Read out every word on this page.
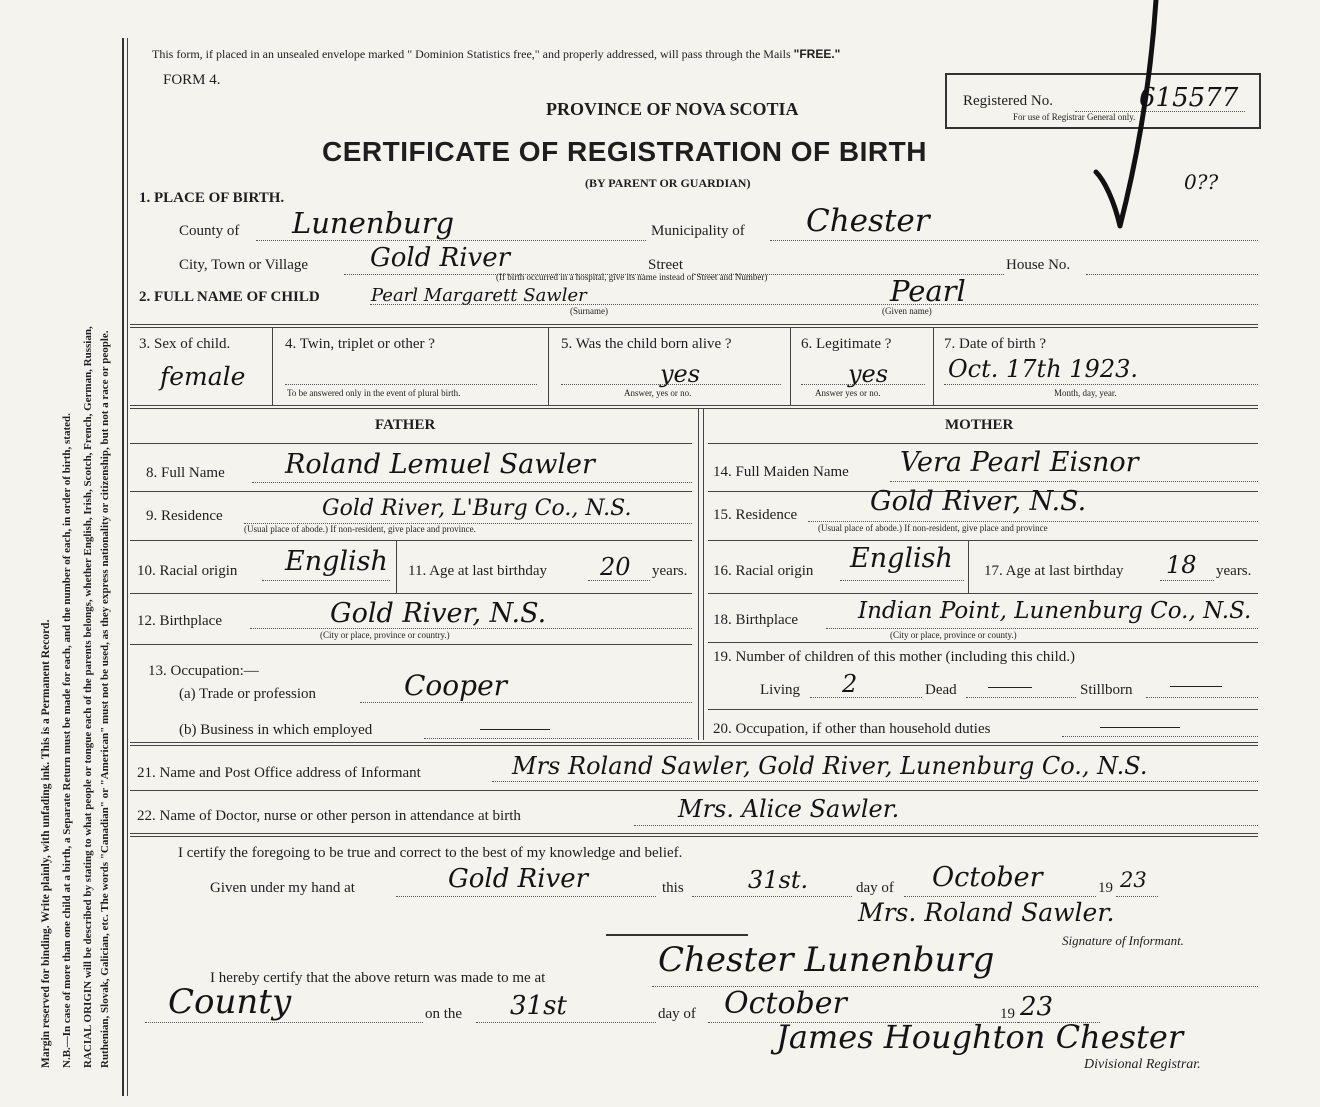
Margin reserved for binding. Write plainly, with unfading ink. This is a Permanent Record. N.B.—In case of more than one child at a birth, a Separate Return must be made for each, and the number of each, in order of birth, stated. RACIAL ORIGIN will be described by stating to what people or tongue each of the parents belongs, whether English, Irish, Scotch, French, German, Russian, Ruthenian, Slovak, Galician, etc. The words "Canadian" or "American" must not be used, as they express nationality or citizenship, but not a race or people.
This form, if placed in an unsealed envelope marked " Dominion Statistics free," and properly addressed, will pass through the Mails "FREE."
FORM 4.
PROVINCE OF NOVA SCOTIA
CERTIFICATE OF REGISTRATION OF BIRTH
(BY PARENT OR GUARDIAN)
Registered No.	615577
For use of Registrar General only.
0??
1. PLACE OF BIRTH.
County of Lunenburg	Municipality of Chester
City, Town or Village Gold River	Street	House No.
(If birth occurred in a hospital, give its name instead of Street and Number)
2. FULL NAME OF CHILD	Pearl Margarett Sawler
(Surname)
Pearl
(Given name)
3. Sex of child.
female
4. Twin, triplet or other ?
To be answered only in the event of plural birth.
5. Was the child born alive ?
yes
Answer, yes or no.
6. Legitimate ?
yes
Answer yes or no.
7. Date of birth ?
Oct. 17th 1923.
Month, day, year.
FATHER	MOTHER
8. Full Name Roland Lemuel Sawler
9. Residence	Gold River, L'Burg Co., N.S.
(Usual place of abode.) If non-resident, give place and province.
10. Racial origin English 11. Age at last birthday 20 years.
12. Birthplace	Gold River, N.S.
(City or place, province or country.)
13. Occupation:—
(a) Trade or profession	Cooper
(b) Business in which employed
14. Full Maiden Name Vera Pearl Eisnor
15. Residence	Gold River, N.S.
(Usual place of abode.) If non-resident, give place and province
16. Racial origin English 17. Age at last birthday 18 years.
18. Birthplace	Indian Point, Lunenburg Co., N.S.
(City or place, province or county.)
19. Number of children of this mother (including this child.)
Living 2	Dead	Stillborn
20. Occupation, if other than household duties
21. Name and Post Office address of Informant	Mrs Roland Sawler, Gold River, Lunenburg Co., N.S.
22. Name of Doctor, nurse or other person in attendance at birth	Mrs. Alice Sawler.
I certify the foregoing to be true and correct to the best of my knowledge and belief.
Given under my hand at	Gold River	this	31st.	day of October	19 23
Mrs. Roland Sawler.
Signature of Informant.
I hereby certify that the above return was made to me at	Chester Lunenburg
County	on the 31st	day of October	19 23
James Houghton Chester
Divisional Registrar.
